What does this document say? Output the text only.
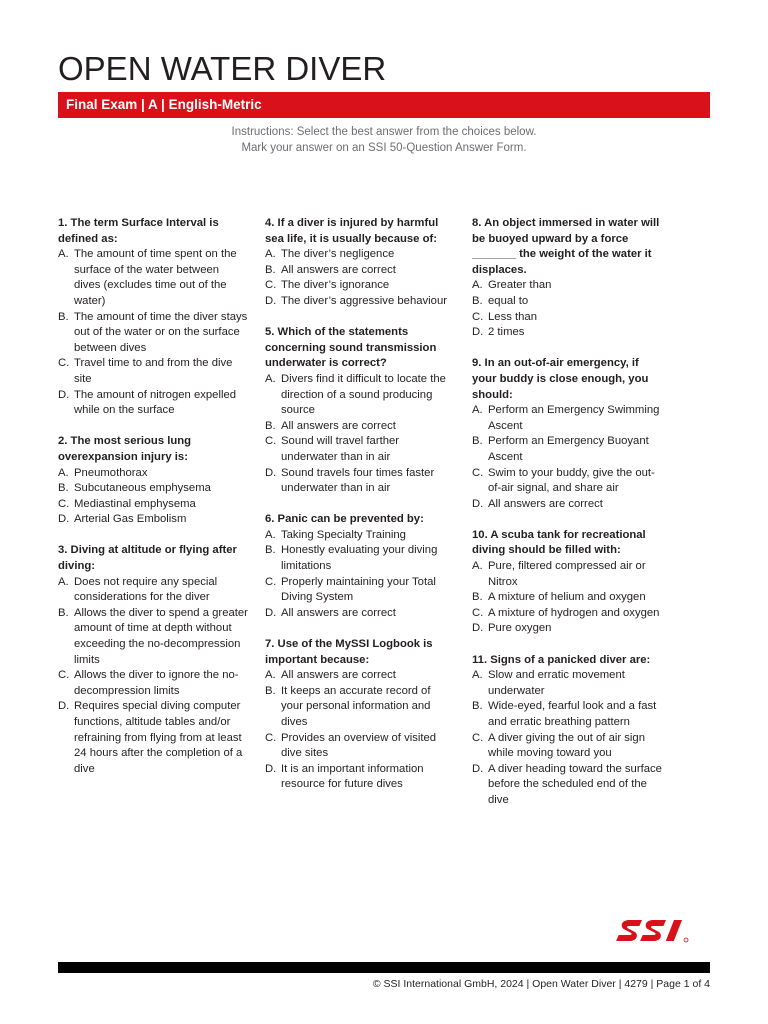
OPEN WATER DIVER
Final Exam | A | English-Metric
Instructions: Select the best answer from the choices below.
Mark your answer on an SSI 50-Question Answer Form.
1. The term Surface Interval is defined as:
A. The amount of time spent on the surface of the water between dives (excludes time out of the water)
B. The amount of time the diver stays out of the water or on the surface between dives
C. Travel time to and from the dive site
D. The amount of nitrogen expelled while on the surface
2. The most serious lung overexpansion injury is:
A. Pneumothorax
B. Subcutaneous emphysema
C. Mediastinal emphysema
D. Arterial Gas Embolism
3. Diving at altitude or flying after diving:
A. Does not require any special considerations for the diver
B. Allows the diver to spend a greater amount of time at depth without exceeding the no-decompression limits
C. Allows the diver to ignore the no-decompression limits
D. Requires special diving computer functions, altitude tables and/or refraining from flying from at least 24 hours after the completion of a dive
4. If a diver is injured by harmful sea life, it is usually because of:
A. The diver’s negligence
B. All answers are correct
C. The diver’s ignorance
D. The diver’s aggressive behaviour
5. Which of the statements concerning sound transmission underwater is correct?
A. Divers find it difficult to locate the direction of a sound producing source
B. All answers are correct
C. Sound will travel farther underwater than in air
D. Sound travels four times faster underwater than in air
6. Panic can be prevented by:
A. Taking Specialty Training
B. Honestly evaluating your diving limitations
C. Properly maintaining your Total Diving System
D. All answers are correct
7. Use of the MySSI Logbook is important because:
A. All answers are correct
B. It keeps an accurate record of your personal information and dives
C. Provides an overview of visited dive sites
D. It is an important information resource for future dives
8. An object immersed in water will be buoyed upward by a force _______ the weight of the water it displaces.
A. Greater than
B. equal to
C. Less than
D. 2 times
9. In an out-of-air emergency, if your buddy is close enough, you should:
A. Perform an Emergency Swimming Ascent
B. Perform an Emergency Buoyant Ascent
C. Swim to your buddy, give the out-of-air signal, and share air
D. All answers are correct
10. A scuba tank for recreational diving should be filled with:
A. Pure, filtered compressed air or Nitrox
B. A mixture of helium and oxygen
C. A mixture of hydrogen and oxygen
D. Pure oxygen
11. Signs of a panicked diver are:
A. Slow and erratic movement underwater
B. Wide-eyed, fearful look and a fast and erratic breathing pattern
C. A diver giving the out of air sign while moving toward you
D. A diver heading toward the surface before the scheduled end of the dive
© SSI International GmbH, 2024 | Open Water Diver | 4279 | Page 1 of 4
